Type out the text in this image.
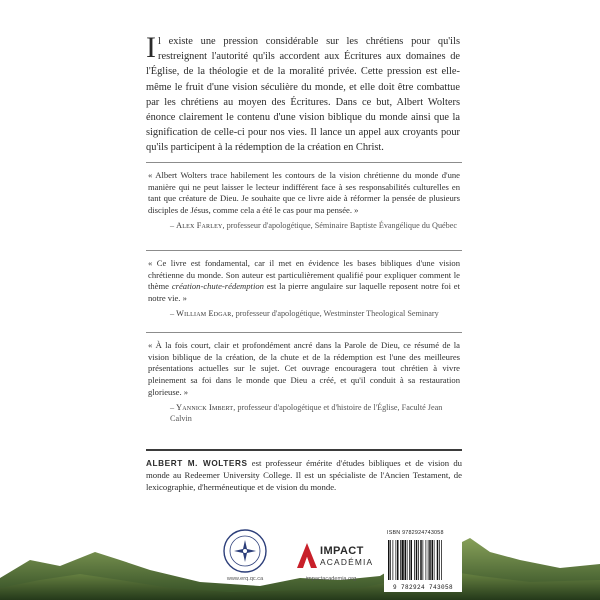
Il existe une pression considérable sur les chrétiens pour qu'ils restreignent l'autorité qu'ils accordent aux Écritures aux domaines de l'Église, de la théologie et de la moralité privée. Cette pression est elle-même le fruit d'une vision séculière du monde, et elle doit être combattue par les chrétiens au moyen des Écritures. Dans ce but, Albert Wolters énonce clairement le contenu d'une vision biblique du monde ainsi que la signification de celle-ci pour nos vies. Il lance un appel aux croyants pour qu'ils participent à la rédemption de la création en Christ.

« Albert Wolters trace habilement les contours de la vision chrétienne du monde d'une manière qui ne peut laisser le lecteur indifférent face à ses responsabilités culturelles en tant que créature de Dieu. Je souhaite que ce livre aide à réformer la pensée de plusieurs disciples de Jésus, comme cela a été le cas pour ma pensée. »

– Alex Farley, professeur d'apologétique, Séminaire Baptiste Évangélique du Québec

« Ce livre est fondamental, car il met en évidence les bases bibliques d'une vision chrétienne du monde. Son auteur est particulièrement qualifié pour expliquer comment le thème création-chute-rédemption est la pierre angulaire sur laquelle reposent notre foi et notre vie. »

– William Edgar, professeur d'apologétique, Westminster Theological Seminary

« À la fois court, clair et profondément ancré dans la Parole de Dieu, ce résumé de la vision biblique de la création, de la chute et de la rédemption est l'une des meilleures présentations actuelles sur le sujet. Cet ouvrage encouragera tout chrétien à vivre pleinement sa foi dans le monde que Dieu a créé, et qu'il conduit à sa restauration glorieuse. »

– Yannick Imbert, professeur d'apologétique et d'histoire de l'Église, Faculté Jean Calvin
ALBERT M. WOLTERS est professeur émérite d'études bibliques et de vision du monde au Redeemer University College. Il est un spécialiste de l'Ancien Testament, de lexicographie, d'herméneutique et de vision du monde.
www.erq.qc.ca
IMPACT
ACADÉMIA
impactacademia.org
ISBN 9782924743058
9 782924 743058
